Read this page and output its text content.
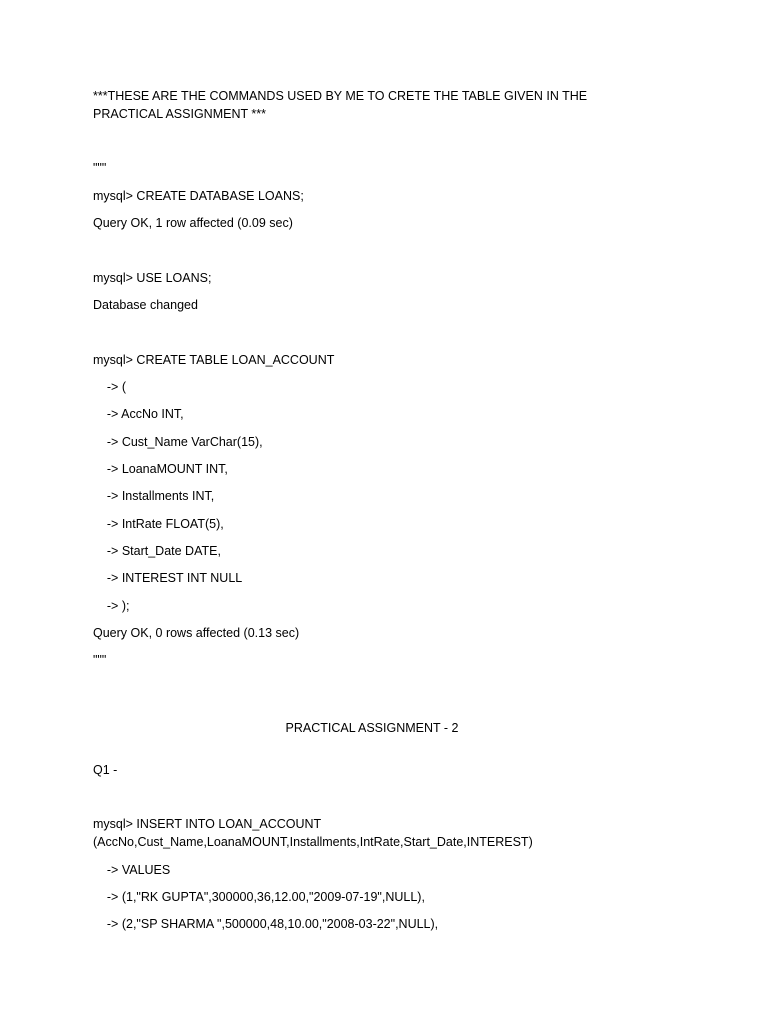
***THESE ARE THE COMMANDS USED BY ME TO CRETE THE TABLE GIVEN IN THE PRACTICAL ASSIGNMENT ***

"""

mysql> CREATE DATABASE LOANS;

Query OK, 1 row affected (0.09 sec)

mysql> USE LOANS;

Database changed

mysql> CREATE TABLE LOAN_ACCOUNT

-> (

-> AccNo INT,

-> Cust_Name VarChar(15),

-> LoanaMOUNT INT,

-> Installments INT,

-> IntRate FLOAT(5),

-> Start_Date DATE,

-> INTEREST INT NULL

-> );

Query OK, 0 rows affected (0.13 sec)

"""

PRACTICAL ASSIGNMENT - 2

Q1 -

mysql> INSERT INTO LOAN_ACCOUNT (AccNo,Cust_Name,LoanaMOUNT,Installments,IntRate,Start_Date,INTEREST)

-> VALUES

-> (1,"RK GUPTA",300000,36,12.00,"2009-07-19",NULL),

-> (2,"SP SHARMA ",500000,48,10.00,"2008-03-22",NULL),
